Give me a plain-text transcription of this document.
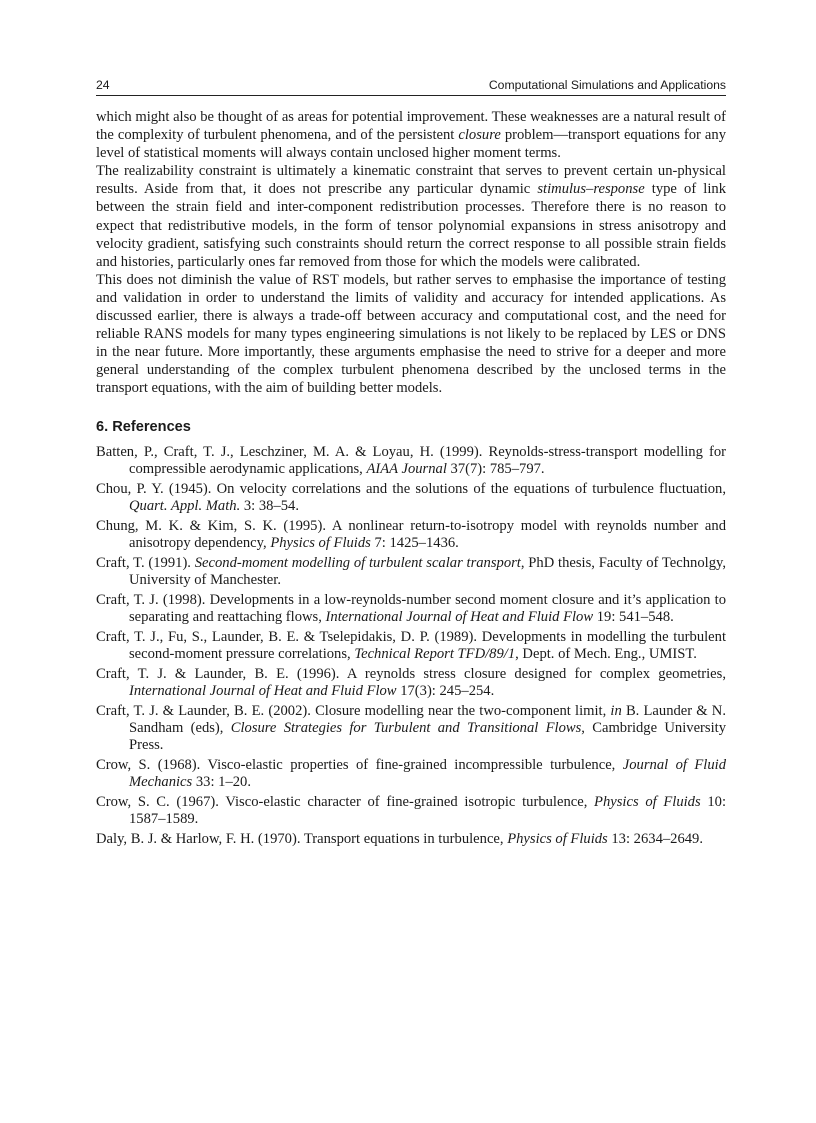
24	Computational Simulations and Applications

which might also be thought of as areas for potential improvement. These weaknesses are a natural result of the complexity of turbulent phenomena, and of the persistent closure problem—transport equations for any level of statistical moments will always contain unclosed higher moment terms.

The realizability constraint is ultimately a kinematic constraint that serves to prevent certain un-physical results. Aside from that, it does not prescribe any particular dynamic stimulus–response type of link between the strain field and inter-component redistribution processes. Therefore there is no reason to expect that redistributive models, in the form of tensor polynomial expansions in stress anisotropy and velocity gradient, satisfying such constraints should return the correct response to all possible strain fields and histories, particularly ones far removed from those for which the models were calibrated.

This does not diminish the value of RST models, but rather serves to emphasise the importance of testing and validation in order to understand the limits of validity and accuracy for intended applications. As discussed earlier, there is always a trade-off between accuracy and computational cost, and the need for reliable RANS models for many types engineering simulations is not likely to be replaced by LES or DNS in the near future. More importantly, these arguments emphasise the need to strive for a deeper and more general understanding of the complex turbulent phenomena described by the unclosed terms in the transport equations, with the aim of building better models.

6. References

Batten, P., Craft, T. J., Leschziner, M. A. & Loyau, H. (1999). Reynolds-stress-transport modelling for compressible aerodynamic applications, AIAA Journal 37(7): 785–797.

Chou, P. Y. (1945). On velocity correlations and the solutions of the equations of turbulence fluctuation, Quart. Appl. Math. 3: 38–54.

Chung, M. K. & Kim, S. K. (1995). A nonlinear return-to-isotropy model with reynolds number and anisotropy dependency, Physics of Fluids 7: 1425–1436.

Craft, T. (1991). Second-moment modelling of turbulent scalar transport, PhD thesis, Faculty of Technolgy, University of Manchester.

Craft, T. J. (1998). Developments in a low-reynolds-number second moment closure and it’s application to separating and reattaching flows, International Journal of Heat and Fluid Flow 19: 541–548.

Craft, T. J., Fu, S., Launder, B. E. & Tselepidakis, D. P. (1989). Developments in modelling the turbulent second-moment pressure correlations, Technical Report TFD/89/1, Dept. of Mech. Eng., UMIST.

Craft, T. J. & Launder, B. E. (1996). A reynolds stress closure designed for complex geometries, International Journal of Heat and Fluid Flow 17(3): 245–254.

Craft, T. J. & Launder, B. E. (2002). Closure modelling near the two-component limit, in B. Launder & N. Sandham (eds), Closure Strategies for Turbulent and Transitional Flows, Cambridge University Press.

Crow, S. (1968). Visco-elastic properties of fine-grained incompressible turbulence, Journal of Fluid Mechanics 33: 1–20.

Crow, S. C. (1967). Visco-elastic character of fine-grained isotropic turbulence, Physics of Fluids 10: 1587–1589.

Daly, B. J. & Harlow, F. H. (1970). Transport equations in turbulence, Physics of Fluids 13: 2634–2649.
